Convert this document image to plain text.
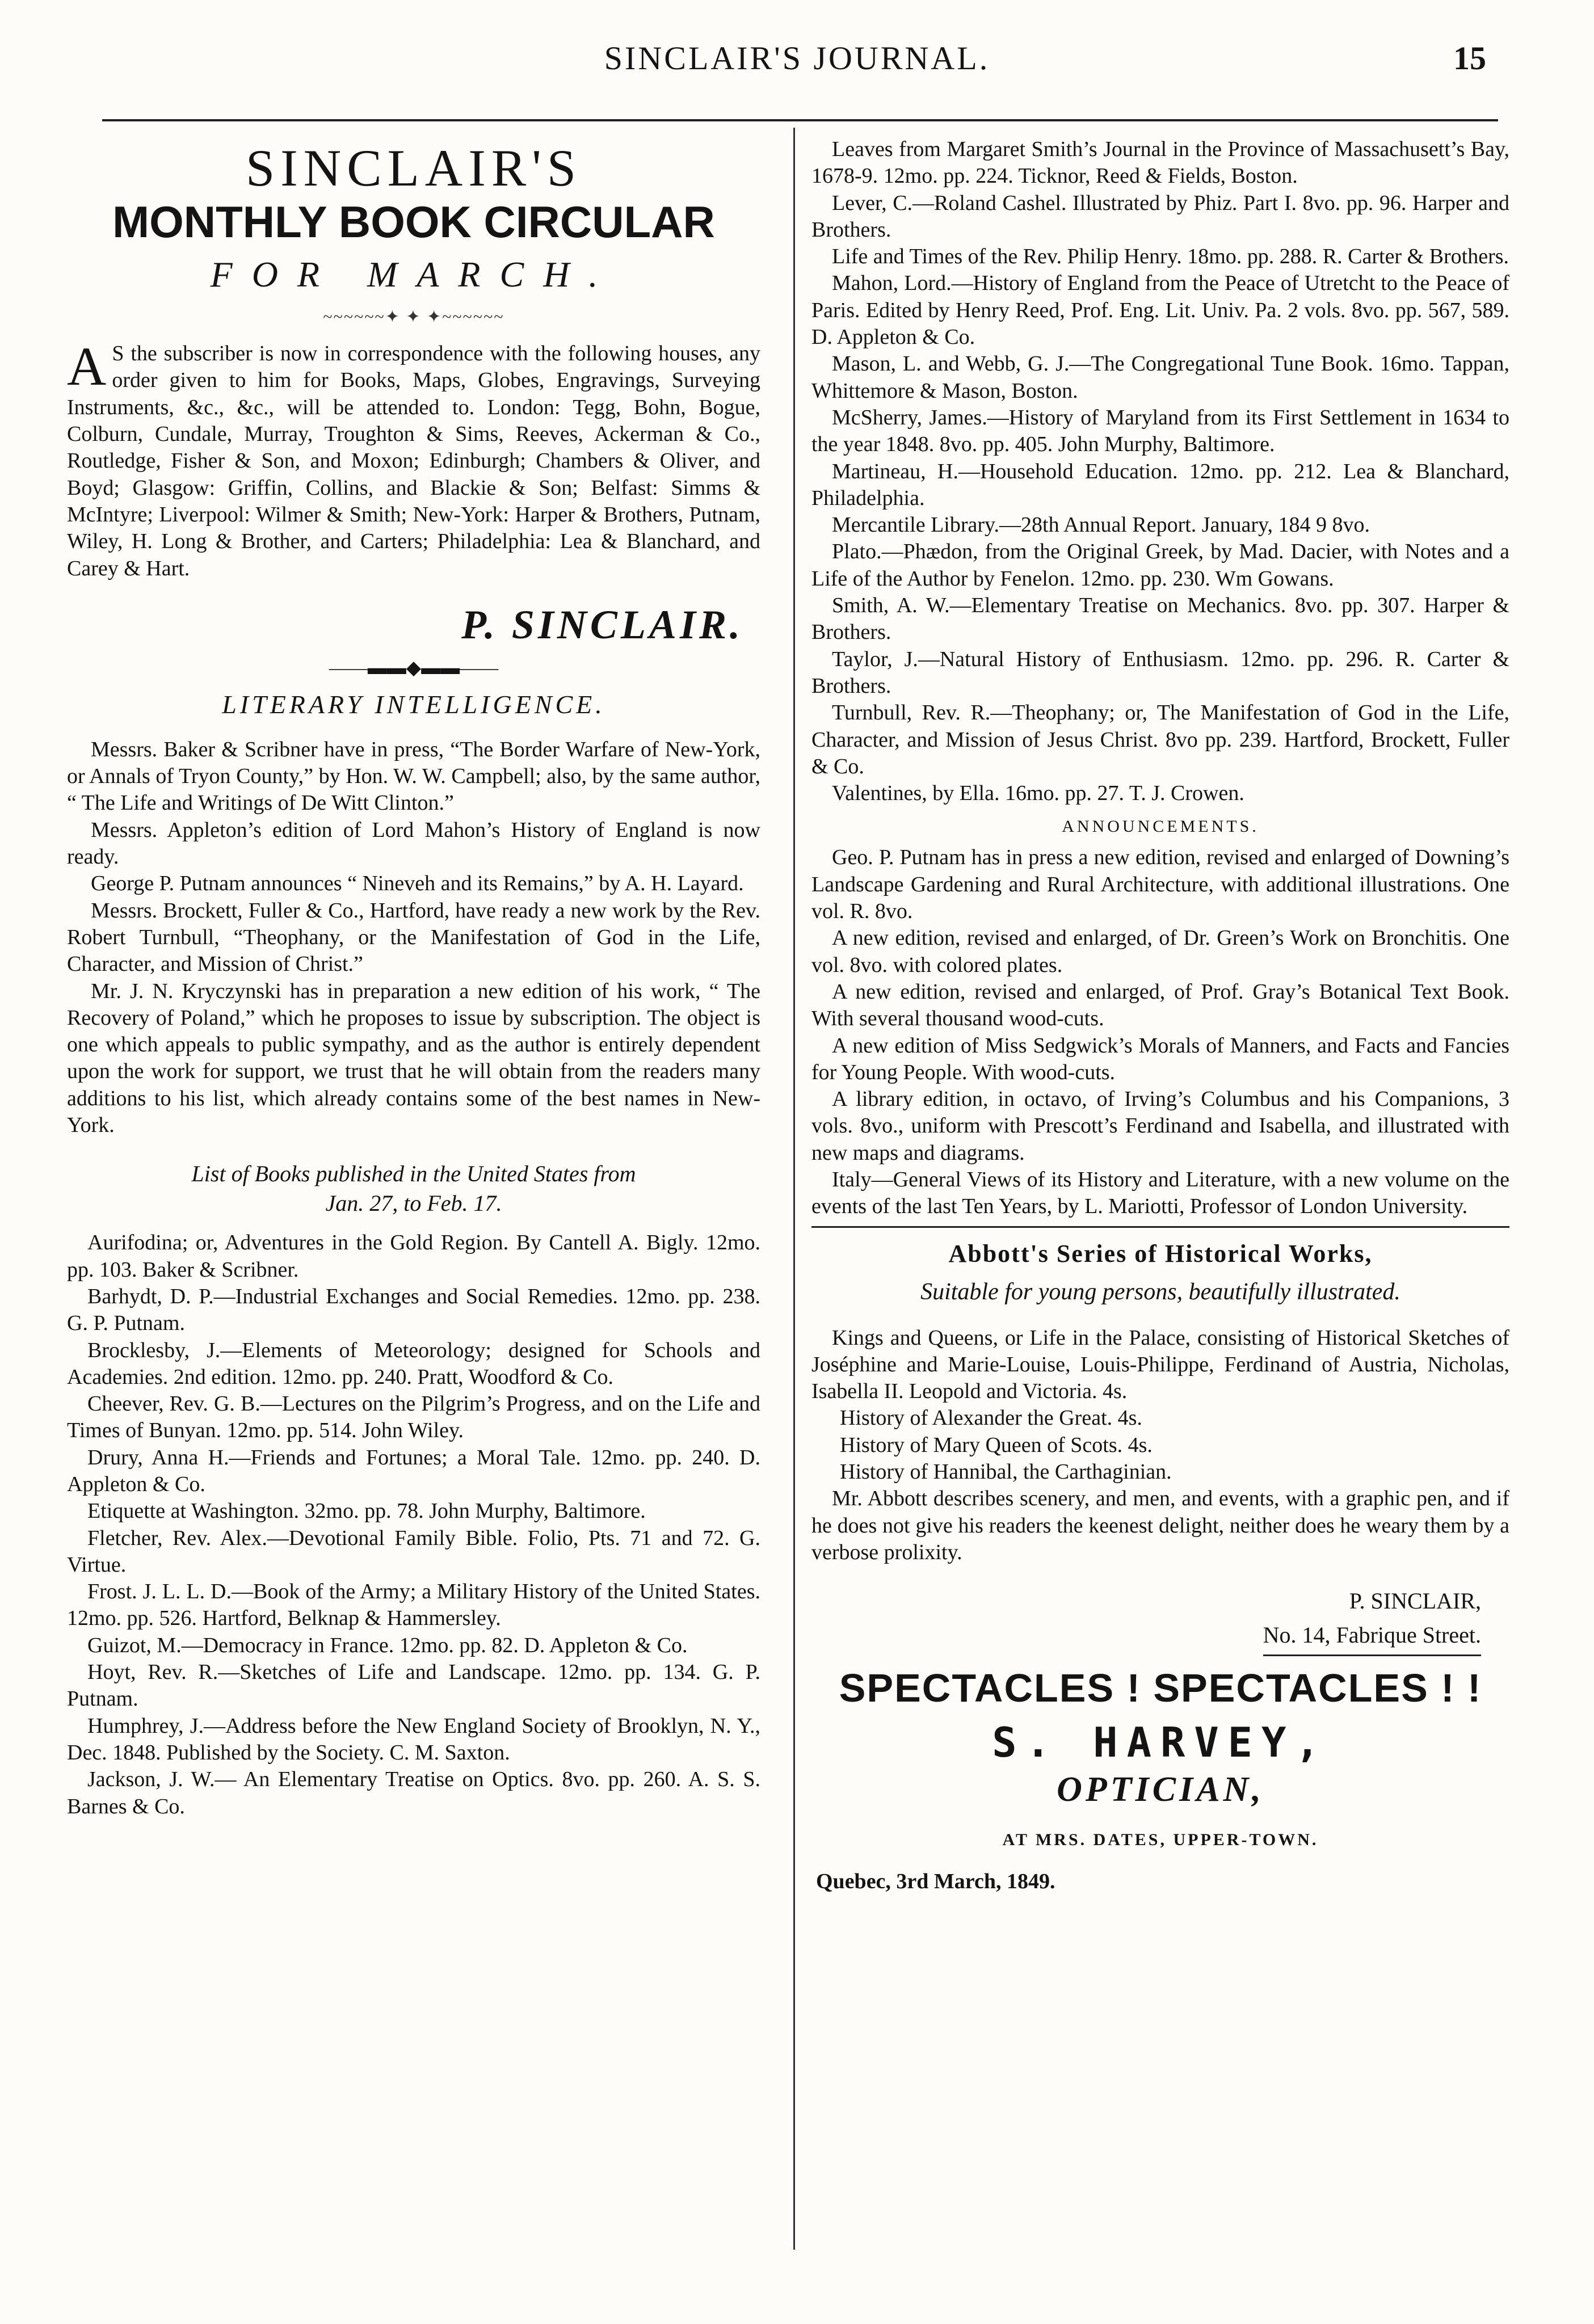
SINCLAIR'S JOURNAL.	15
SINCLAIR'S
MONTHLY BOOK CIRCULAR
FOR MARCH.
~~~~~~✦ ✦ ✦~~~~~~

AS the subscriber is now in correspondence with the following houses, any order given to him for Books, Maps, Globes, Engravings, Surveying Instruments, &c., &c., will be attended to. London: Tegg, Bohn, Bogue, Colburn, Cundale, Murray, Troughton & Sims, Reeves, Ackerman & Co., Routledge, Fisher & Son, and Moxon; Edinburgh; Chambers & Oliver, and Boyd; Glasgow: Griffin, Collins, and Blackie & Son; Belfast: Simms & McIntyre; Liverpool: Wilmer & Smith; New-York: Harper & Brothers, Putnam, Wiley, H. Long & Brother, and Carters; Philadelphia: Lea & Blanchard, and Carey & Hart.

P. SINCLAIR.
——▬▬◆▬▬——
LITERARY INTELLIGENCE.

Messrs. Baker & Scribner have in press, “The Border Warfare of New-York, or Annals of Tryon County,” by Hon. W. W. Campbell; also, by the same author, “ The Life and Writings of De Witt Clinton.”

Messrs. Appleton’s edition of Lord Mahon’s History of England is now ready.

George P. Putnam announces “ Nineveh and its Remains,” by A. H. Layard.

Messrs. Brockett, Fuller & Co., Hartford, have ready a new work by the Rev. Robert Turnbull, “Theophany, or the Manifestation of God in the Life, Character, and Mission of Christ.”

Mr. J. N. Kryczynski has in preparation a new edition of his work, “ The Recovery of Poland,” which he proposes to issue by subscription. The object is one which appeals to public sympathy, and as the author is entirely dependent upon the work for support, we trust that he will obtain from the readers many additions to his list, which already contains some of the best names in New-York.

List of Books published in the United States from
Jan. 27, to Feb. 17.

Aurifodina; or, Adventures in the Gold Region. By Cantell A. Bigly. 12mo. pp. 103. Baker & Scribner.

Barhydt, D. P.—Industrial Exchanges and Social Remedies. 12mo. pp. 238. G. P. Putnam.

Brocklesby, J.—Elements of Meteorology; designed for Schools and Academies. 2nd edition. 12mo. pp. 240. Pratt, Woodford & Co.

Cheever, Rev. G. B.—Lectures on the Pilgrim’s Progress, and on the Life and Times of Bunyan. 12mo. pp. 514. John Wiley.

Drury, Anna H.—Friends and Fortunes; a Moral Tale. 12mo. pp. 240. D. Appleton & Co.

Etiquette at Washington. 32mo. pp. 78. John Murphy, Baltimore.

Fletcher, Rev. Alex.—Devotional Family Bible. Folio, Pts. 71 and 72. G. Virtue.

Frost. J. L. L. D.—Book of the Army; a Military History of the United States. 12mo. pp. 526. Hartford, Belknap & Hammersley.

Guizot, M.—Democracy in France. 12mo. pp. 82. D. Appleton & Co.

Hoyt, Rev. R.—Sketches of Life and Landscape. 12mo. pp. 134. G. P. Putnam.

Humphrey, J.—Address before the New England Society of Brooklyn, N. Y., Dec. 1848. Published by the Society. C. M. Saxton.

Jackson, J. W.— An Elementary Treatise on Optics. 8vo. pp. 260. A. S. S. Barnes & Co.

Leaves from Margaret Smith’s Journal in the Province of Massachusett’s Bay, 1678-9. 12mo. pp. 224. Ticknor, Reed & Fields, Boston.

Lever, C.—Roland Cashel. Illustrated by Phiz. Part I. 8vo. pp. 96. Harper and Brothers.

Life and Times of the Rev. Philip Henry. 18mo. pp. 288. R. Carter & Brothers.

Mahon, Lord.—History of England from the Peace of Utretcht to the Peace of Paris. Edited by Henry Reed, Prof. Eng. Lit. Univ. Pa. 2 vols. 8vo. pp. 567, 589. D. Appleton & Co.

Mason, L. and Webb, G. J.—The Congregational Tune Book. 16mo. Tappan, Whittemore & Mason, Boston.

McSherry, James.—History of Maryland from its First Settlement in 1634 to the year 1848. 8vo. pp. 405. John Murphy, Baltimore.

Martineau, H.—Household Education. 12mo. pp. 212. Lea & Blanchard, Philadelphia.

Mercantile Library.—28th Annual Report. January, 184 9 8vo.

Plato.—Phædon, from the Original Greek, by Mad. Dacier, with Notes and a Life of the Author by Fenelon. 12mo. pp. 230. Wm Gowans.

Smith, A. W.—Elementary Treatise on Mechanics. 8vo. pp. 307. Harper & Brothers.

Taylor, J.—Natural History of Enthusiasm. 12mo. pp. 296. R. Carter & Brothers.

Turnbull, Rev. R.—Theophany; or, The Manifestation of God in the Life, Character, and Mission of Jesus Christ. 8vo pp. 239. Hartford, Brockett, Fuller & Co.

Valentines, by Ella. 16mo. pp. 27. T. J. Crowen.

ANNOUNCEMENTS.

Geo. P. Putnam has in press a new edition, revised and enlarged of Downing’s Landscape Gardening and Rural Architecture, with additional illustrations. One vol. R. 8vo.

A new edition, revised and enlarged, of Dr. Green’s Work on Bronchitis. One vol. 8vo. with colored plates.

A new edition, revised and enlarged, of Prof. Gray’s Botanical Text Book. With several thousand wood-cuts.

A new edition of Miss Sedgwick’s Morals of Manners, and Facts and Fancies for Young People. With wood-cuts.

A library edition, in octavo, of Irving’s Columbus and his Companions, 3 vols. 8vo., uniform with Prescott’s Ferdinand and Isabella, and illustrated with new maps and diagrams.

Italy—General Views of its History and Literature, with a new volume on the events of the last Ten Years, by L. Mariotti, Professor of London University.

Abbott's Series of Historical Works,
Suitable for young persons, beautifully illustrated.

Kings and Queens, or Life in the Palace, consisting of Historical Sketches of Joséphine and Marie-Louise, Louis-Philippe, Ferdinand of Austria, Nicholas, Isabella II. Leopold and Victoria. 4s.

History of Alexander the Great. 4s.

History of Mary Queen of Scots. 4s.

History of Hannibal, the Carthaginian.

Mr. Abbott describes scenery, and men, and events, with a graphic pen, and if he does not give his readers the keenest delight, neither does he weary them by a verbose prolixity.

P. SINCLAIR,
No. 14, Fabrique Street.
SPECTACLES ! SPECTACLES ! !
S. HARVEY,
OPTICIAN,
AT MRS. DATES, UPPER-TOWN.
Quebec, 3rd March, 1849.
